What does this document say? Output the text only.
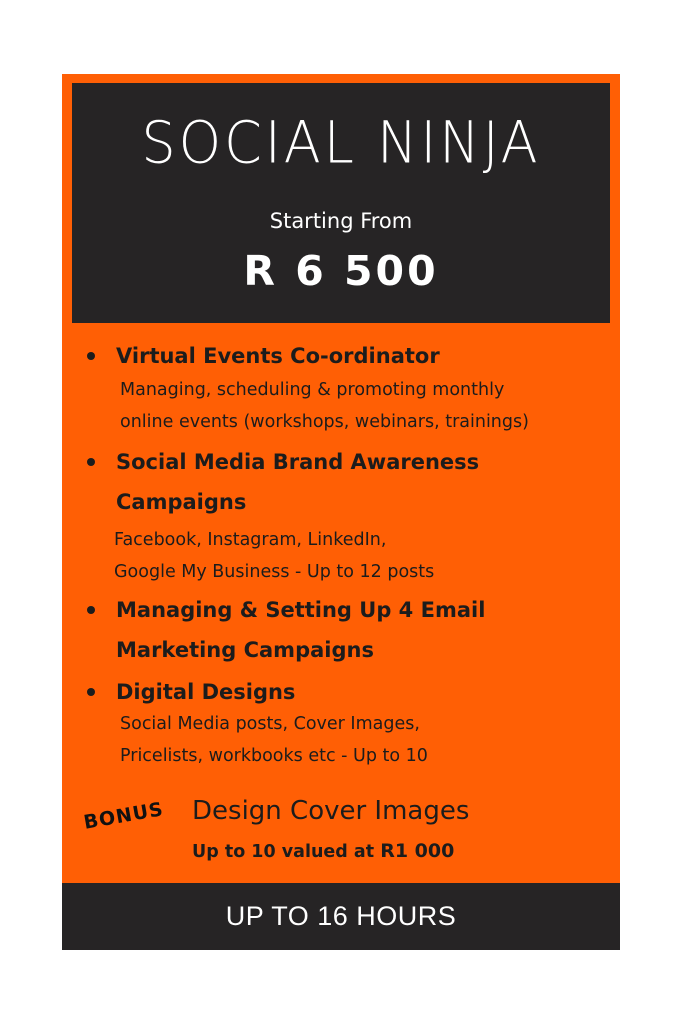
SOCIAL NINJA
Starting From
R 6 500
Virtual Events Co-ordinator
Managing, scheduling & promoting monthly
online events (workshops, webinars, trainings)
Social Media Brand Awareness
Campaigns
Facebook, Instagram, LinkedIn,
Google My Business - Up to 12 posts
Managing & Setting Up 4 Email
Marketing Campaigns
Digital Designs
Social Media posts, Cover Images,
Pricelists, workbooks etc - Up to 10
BONUS Design Cover Images
Up to 10 valued at R1 000
UP TO 16 HOURS
